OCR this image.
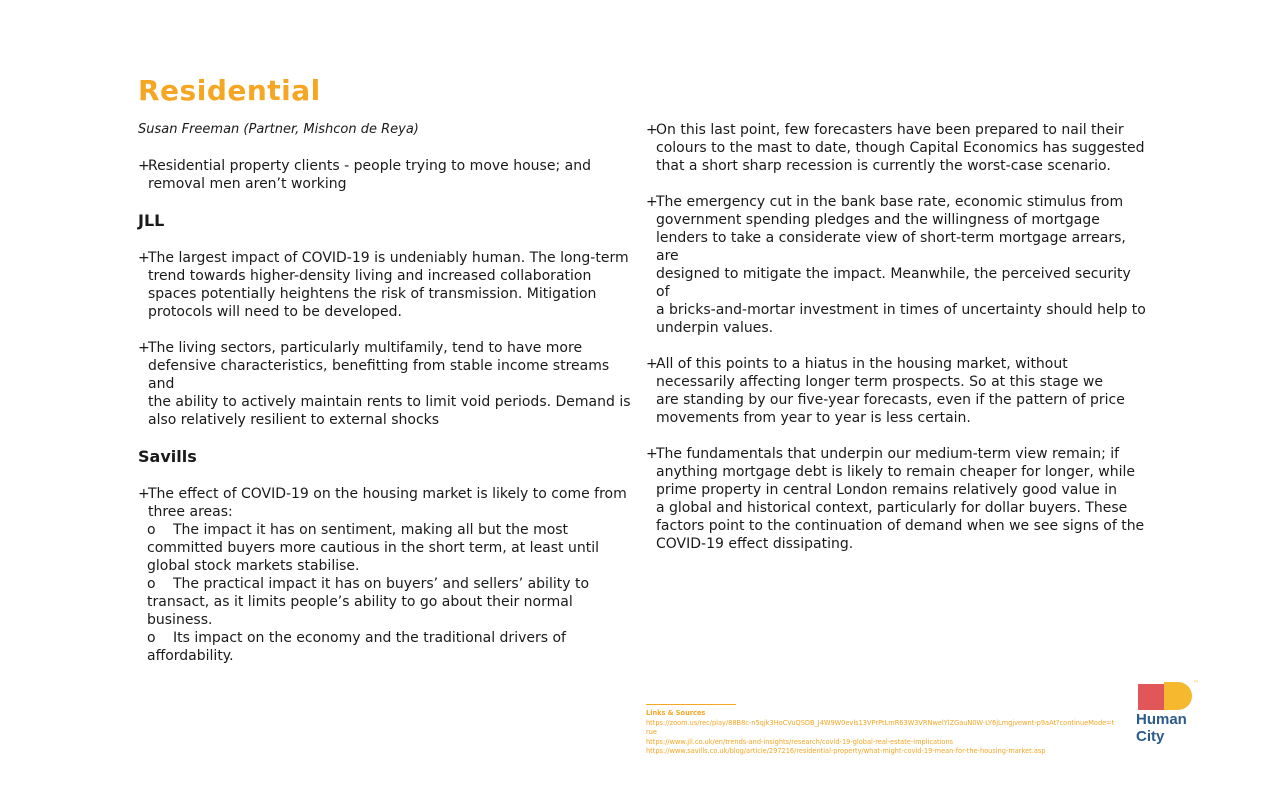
Residential
Susan Freeman (Partner, Mishcon de Reya)
+
Residential property clients - people trying to move house; and
removal men aren’t working
JLL
+
The largest impact of COVID-19 is undeniably human. The long-term
trend towards higher-density living and increased collaboration
spaces potentially heightens the risk of transmission. Mitigation
protocols will need to be developed.
+
The living sectors, particularly multifamily, tend to have more
defensive characteristics, benefitting from stable income streams and
the ability to actively maintain rents to limit void periods. Demand is
also relatively resilient to external shocks
Savills
+
The effect of COVID-19 on the housing market is likely to come from
three areas:
o The impact it has on sentiment, making all but the most
committed buyers more cautious in the short term, at least until
global stock markets stabilise.
o The practical impact it has on buyers’ and sellers’ ability to
transact, as it limits people’s ability to go about their normal business.
o Its impact on the economy and the traditional drivers of
affordability.
+
On this last point, few forecasters have been prepared to nail their
colours to the mast to date, though Capital Economics has suggested
that a short sharp recession is currently the worst-case scenario.
+
The emergency cut in the bank base rate, economic stimulus from
government spending pledges and the willingness of mortgage
lenders to take a considerate view of short-term mortgage arrears, are
designed to mitigate the impact. Meanwhile, the perceived security of
a bricks-and-mortar investment in times of uncertainty should help to
underpin values.
+
All of this points to a hiatus in the housing market, without
necessarily affecting longer term prospects. So at this stage we
are standing by our five-year forecasts, even if the pattern of price
movements from year to year is less certain.
+
The fundamentals that underpin our medium-term view remain; if
anything mortgage debt is likely to remain cheaper for longer, while
prime property in central London remains relatively good value in
a global and historical context, particularly for dollar buyers. These
factors point to the continuation of demand when we see signs of the
COVID-19 effect dissipating.
Links & Sources
https://zoom.us/rec/play/88B8c-n5qjk3HoCVuQSDB_J4W9W0evls13VPrPtLmR63W3VRNwelYlZGauN0W-LY6jLmgjvewnt-p9aAt?continueMode=true
https://www.jll.co.uk/en/trends-and-insights/research/covid-19-global-real-estate-implications
https://www.savills.co.uk/blog/article/297216/residential-property/what-might-covid-19-mean-for-the-housing-market.asp
™
Human
City
